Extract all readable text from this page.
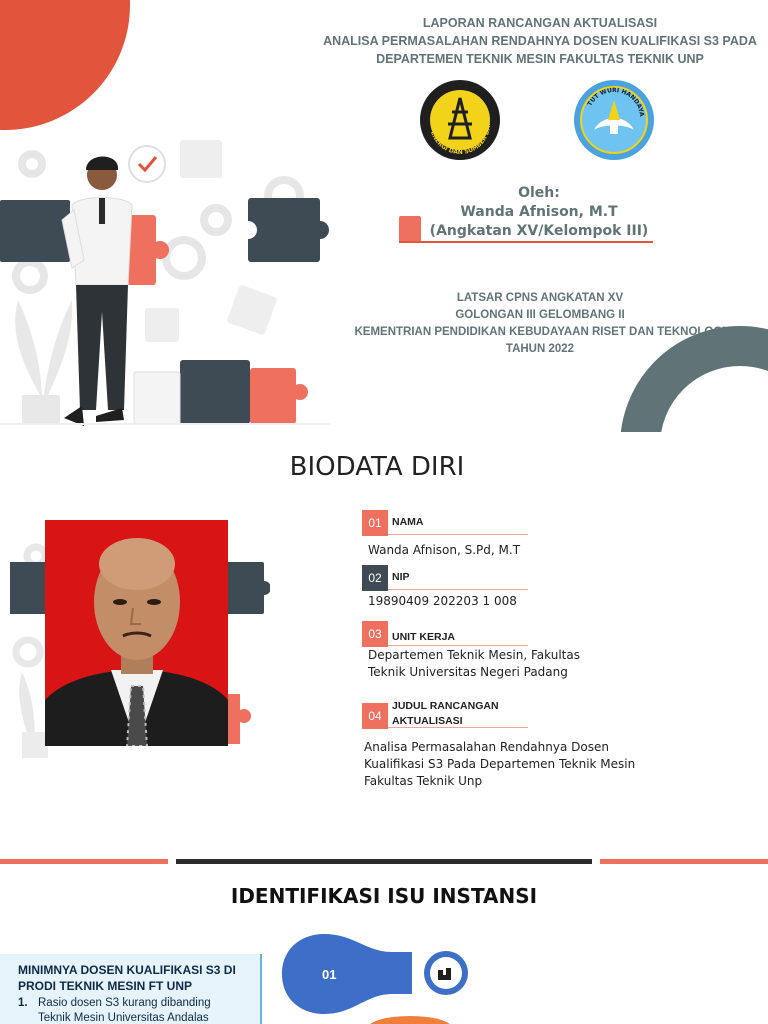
LAPORAN RANCANGAN AKTUALISASI
ANALISA PERMASALAHAN RENDAHNYA DOSEN KUALIFIKASI S3 PADA
DEPARTEMEN TEKNIK MESIN FAKULTAS TEKNIK UNP
ENERGI DAN SUMBER DAY
TUT WURI HANDAYA
Oleh:
Wanda Afnison, M.T
(Angkatan XV/Kelompok III)
LATSAR CPNS ANGKATAN XV
GOLONGAN III GELOMBANG II
KEMENTRIAN PENDIDIKAN KEBUDAYAAN RISET DAN TEKNOLOGI
TAHUN 2022
BIODATA DIRI
01 NAMA
Wanda Afnison, S.Pd, M.T
02 NIP
19890409 202203 1 008
03 UNIT KERJA
Departemen Teknik Mesin, Fakultas
Teknik Universitas Negeri Padang
04
JUDUL RANCANGAN
AKTUALISASI
Analisa Permasalahan Rendahnya Dosen
Kualifikasi S3 Pada Departemen Teknik Mesin
Fakultas Teknik Unp
IDENTIFIKASI ISU INSTANSI
MINIMNYA DOSEN KUALIFIKASI S3 DI
PRODI TEKNIK MESIN FT UNP
1. Rasio dosen S3 kurang dibanding
Teknik Mesin Universitas Andalas
01
